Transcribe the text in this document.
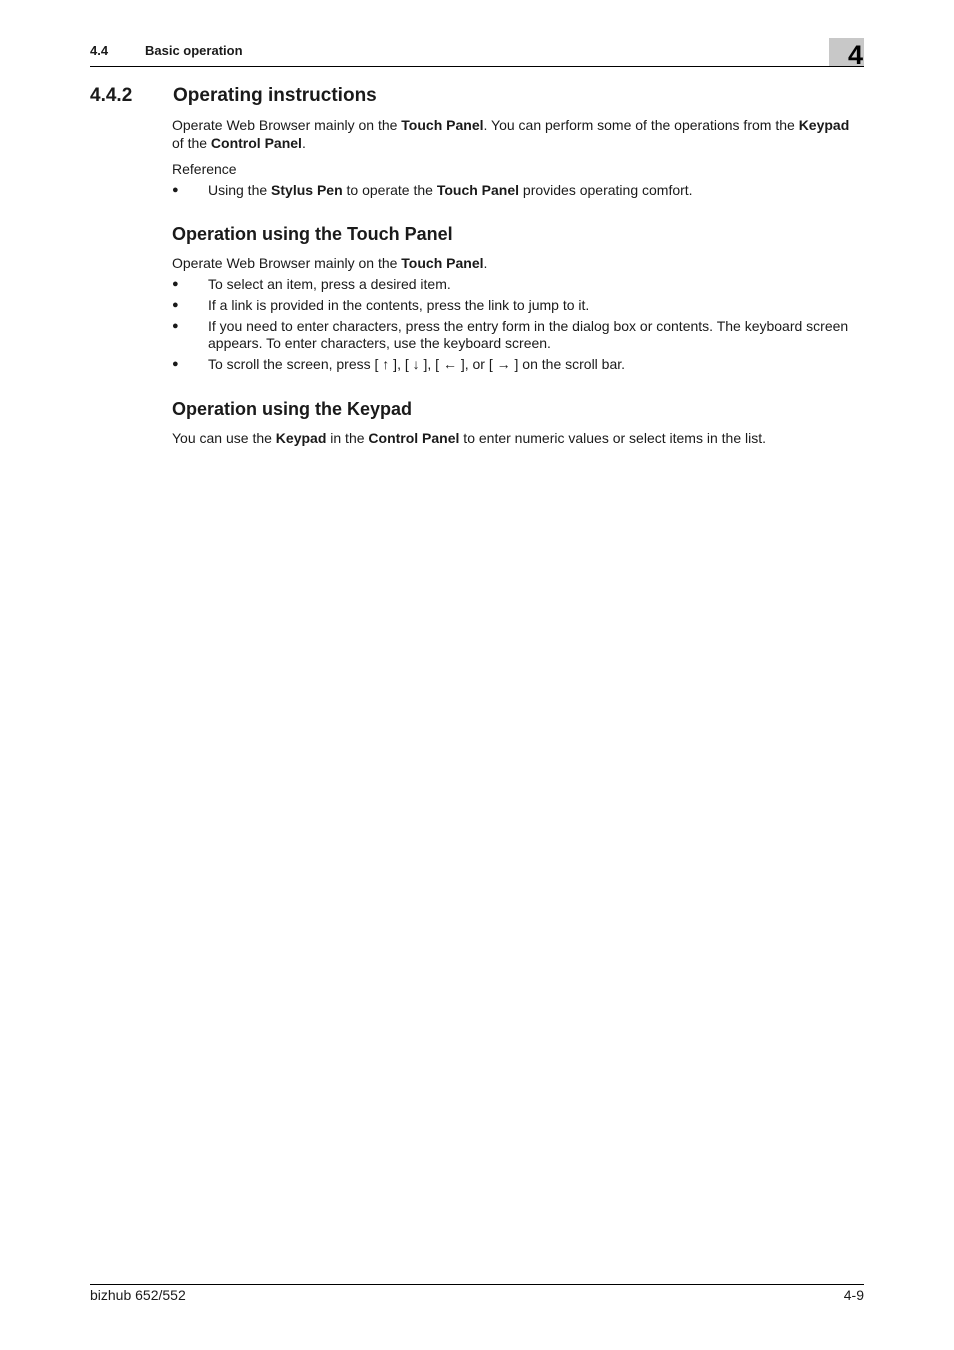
4.4	Basic operation	4
4.4.2 Operating instructions
Operate Web Browser mainly on the Touch Panel. You can perform some of the operations from the Keypad of the Control Panel.
Reference
● Using the Stylus Pen to operate the Touch Panel provides operating comfort.
Operation using the Touch Panel
Operate Web Browser mainly on the Touch Panel.
● To select an item, press a desired item.
● If a link is provided in the contents, press the link to jump to it.
● If you need to enter characters, press the entry form in the dialog box or contents. The keyboard screen appears. To enter characters, use the keyboard screen.
● To scroll the screen, press [ ↑ ], [ ↓ ], [ ← ], or [ → ] on the scroll bar.
Operation using the Keypad
You can use the Keypad in the Control Panel to enter numeric values or select items in the list.
bizhub 652/552	4-9
